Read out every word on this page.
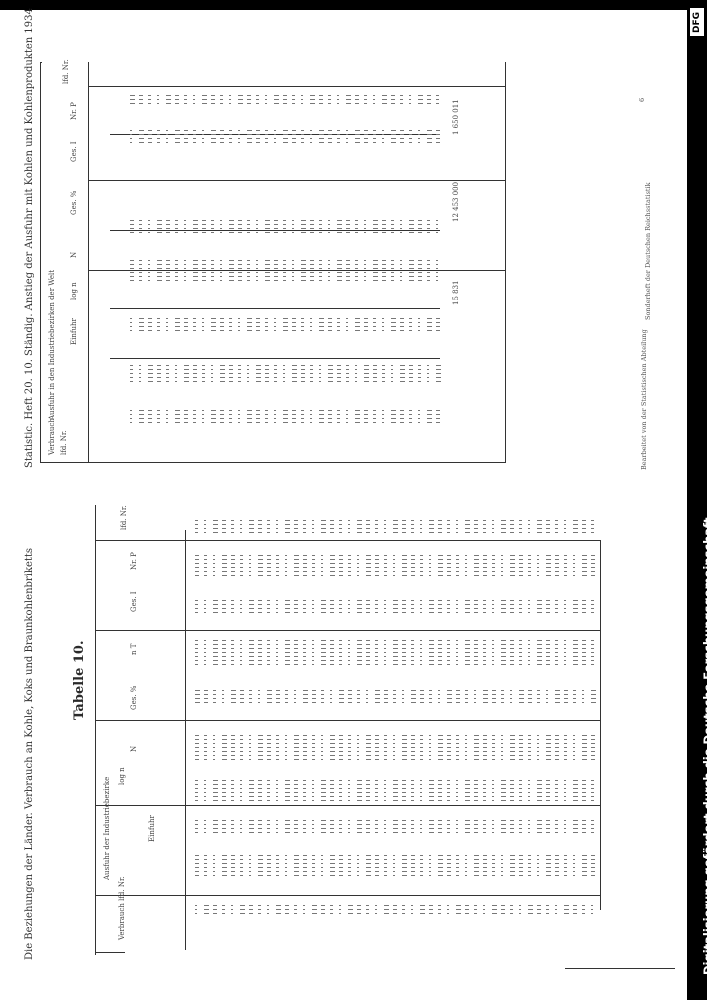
DFG
Digitalisierung gefördert durch die Deutsche Forschungsgemeinschaft
Statistic. Heft 20. 10. Ständig. Anstieg der Ausfuhr mit Kohlen und Kohlenprodukten 1934
Die Beziehungen der Länder. Verbrauch an Kohle, Koks und Braunkohlenbriketts	Tabelle 10.
Bearbeitet von der Statistischen Abteilung
Sonderheft der Deutschen Reichsstatistik
6
Verbrauch lfd. Nr.
Ausfuhr in den Industriebezirken der Welt Einfuhr
log n
N
Ges. %
Ges. I
Nr. P
lfd. Nr.
1 650 011
12 453 000
15 831
Verbrauch lfd. Nr.
Ausfuhr der Industriebezirke	Einfuhr
log n
N
Ges. %
n T
Ges. I
Nr. P
lfd. Nr.
